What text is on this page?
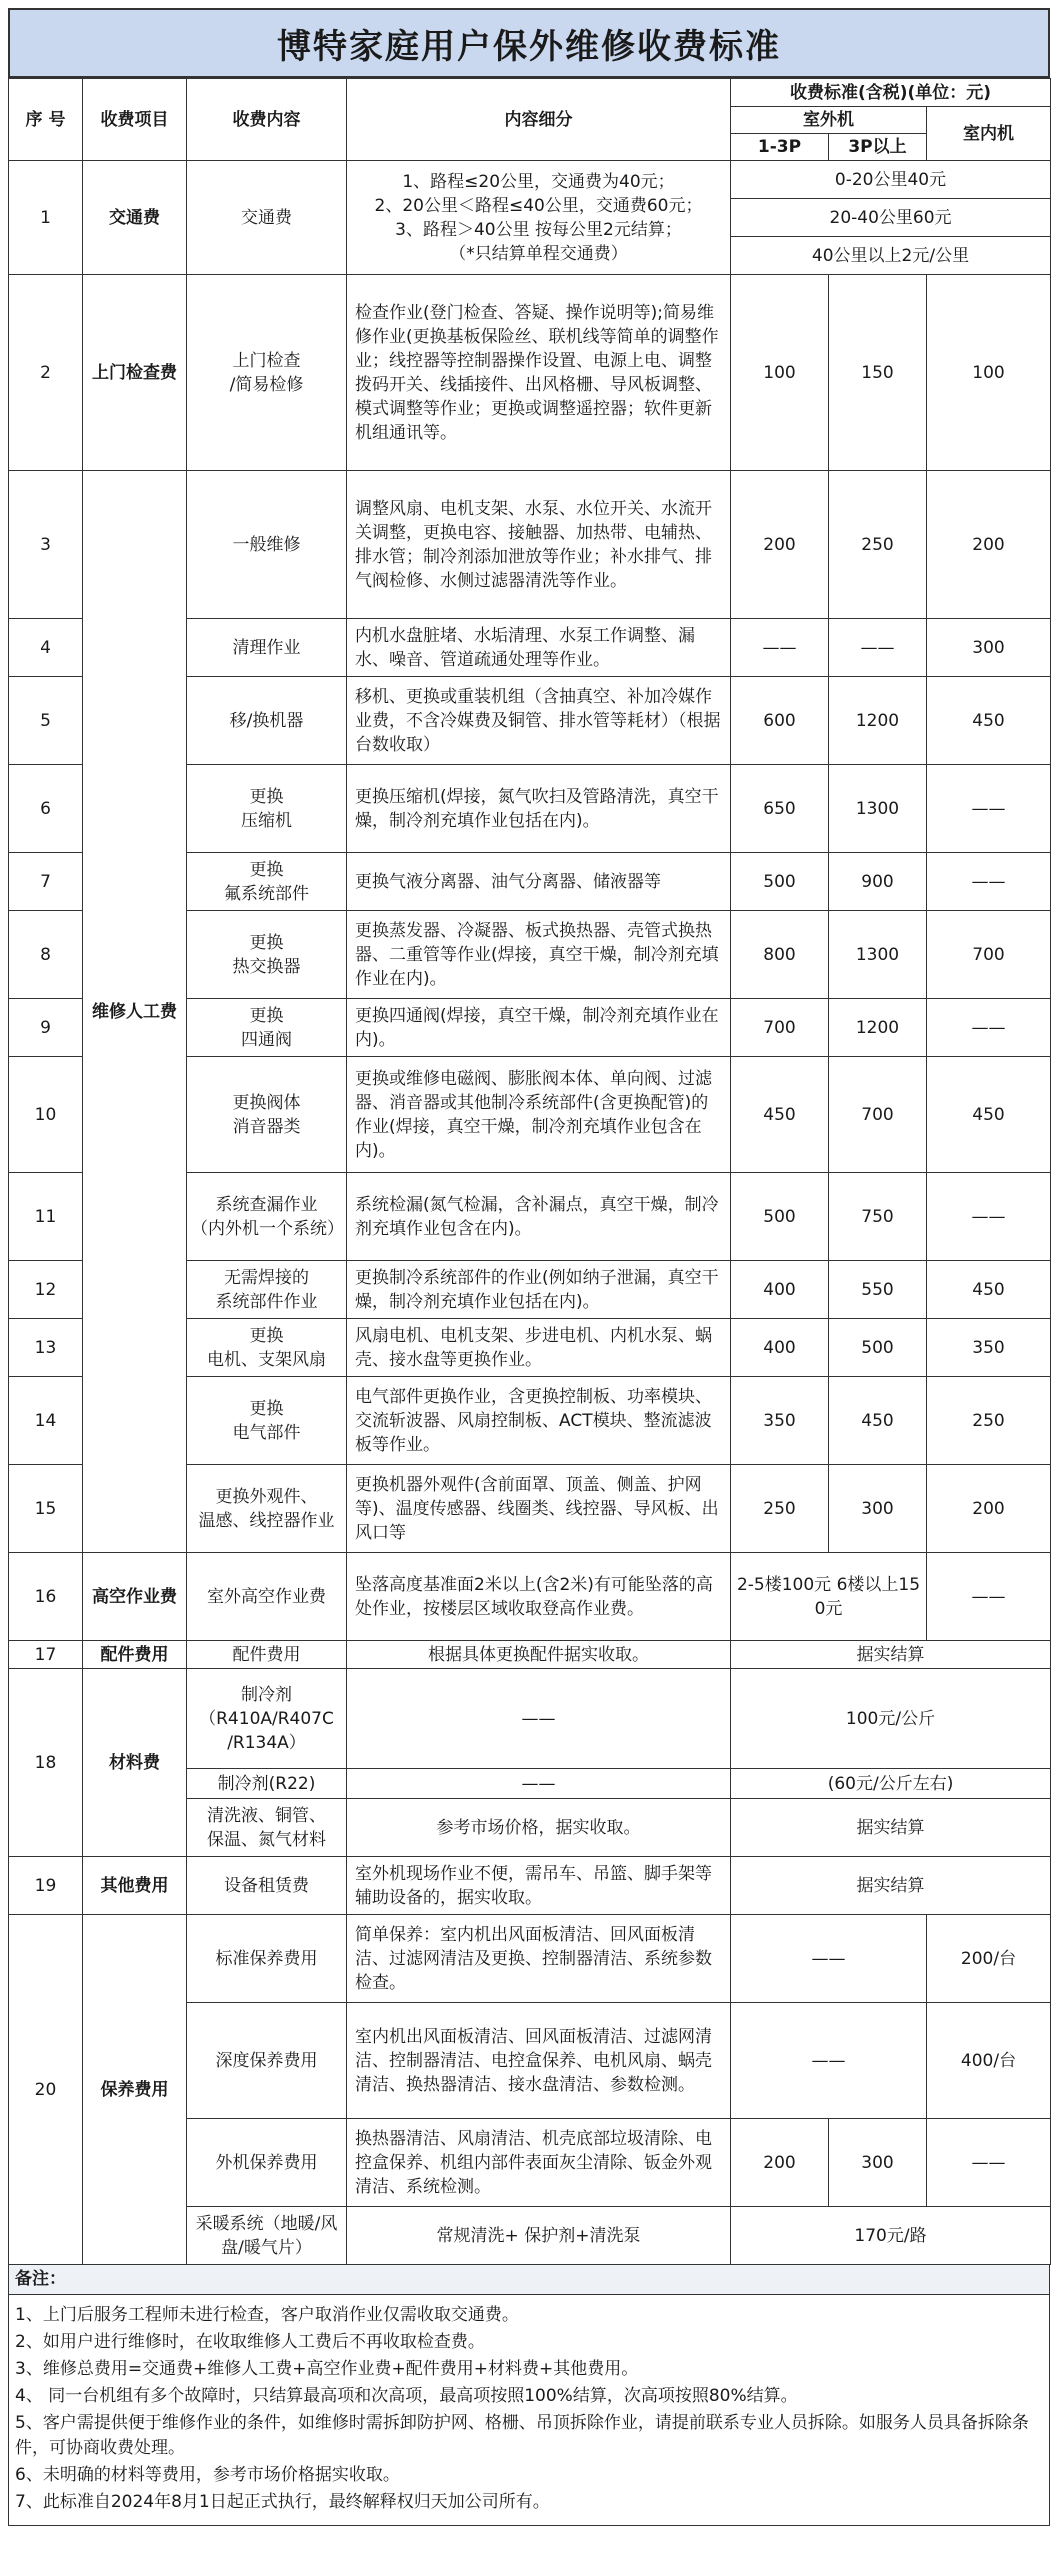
博特家庭用户保外维修收费标准
序 号	收费项目	收费内容	内容细分	收费标准(含税)(单位：元)		
				室外机		室内机
				1-3P	3P以上	
1	交通费	交通费	1、路程≤20公里，交通费为40元；
2、20公里＜路程≤40公里，交通费60元；
3、路程＞40公里 按每公里2元结算；
（*只结算单程交通费）	0-20公里40元		
				20-40公里60元		
				40公里以上2元/公里		
2	上门检查费	上门检查
/简易检修	检查作业(登门检查、答疑、操作说明等);简易维修作业(更换基板保险丝、联机线等简单的调整作业；线控器等控制器操作设置、电源上电、调整拨码开关、线插接件、出风格栅、导风板调整、模式调整等作业；更换或调整遥控器；软件更新机组通讯等。	100	150	100
3	维修人工费	一般维修	调整风扇、电机支架、水泵、水位开关、水流开关调整，更换电容、接触器、加热带、电辅热、排水管；制冷剂添加泄放等作业；补水排气、排气阀检修、水侧过滤器清洗等作业。	200	250	200
4		清理作业	内机水盘脏堵、水垢清理、水泵工作调整、漏水、噪音、管道疏通处理等作业。	——	——	300
5		移/换机器	移机、更换或重装机组（含抽真空、补加冷媒作业费，不含冷媒费及铜管、排水管等耗材）（根据台数收取）	600	1200	450
6		更换
压缩机	更换压缩机(焊接，氮气吹扫及管路清洗，真空干燥，制冷剂充填作业包括在内)。	650	1300	——
7		更换
氟系统部件	更换气液分离器、油气分离器、储液器等	500	900	——
8		更换
热交换器	更换蒸发器、冷凝器、板式换热器、壳管式换热器、二重管等作业(焊接，真空干燥，制冷剂充填作业在内)。	800	1300	700
9		更换
四通阀	更换四通阀(焊接，真空干燥，制冷剂充填作业在内)。	700	1200	——
10		更换阀体
消音器类	更换或维修电磁阀、膨胀阀本体、单向阀、过滤器、消音器或其他制冷系统部件(含更换配管)的作业(焊接，真空干燥，制冷剂充填作业包含在内)。	450	700	450
11		系统查漏作业
（内外机一个系统）	系统检漏(氮气检漏，含补漏点，真空干燥，制冷剂充填作业包含在内)。	500	750	——
12		无需焊接的
系统部件作业	更换制冷系统部件的作业(例如纳子泄漏，真空干燥，制冷剂充填作业包括在内)。	400	550	450
13		更换
电机、支架风扇	风扇电机、电机支架、步进电机、内机水泵、蜗壳、接水盘等更换作业。	400	500	350
14		更换
电气部件	电气部件更换作业，含更换控制板、功率模块、交流斩波器、风扇控制板、ACT模块、整流滤波板等作业。	350	450	250
15		更换外观件、
温感、线控器作业	更换机器外观件(含前面罩、顶盖、侧盖、护网等)、温度传感器、线圈类、线控器、导风板、出风口等	250	300	200
16	高空作业费	室外高空作业费	坠落高度基准面2米以上(含2米)有可能坠落的高处作业，按楼层区域收取登高作业费。	2-5楼100元 6楼以上150元		——
17	配件费用	配件费用	根据具体更换配件据实收取。	据实结算		
18	材料费	制冷剂
（R410A/R407C
/R134A）	——	100元/公斤		
		制冷剂(R22)	——	(60元/公斤左右)		
		清洗液、铜管、
保温、氮气材料	参考市场价格，据实收取。	据实结算		
19	其他费用	设备租赁费	室外机现场作业不便，需吊车、吊篮、脚手架等辅助设备的，据实收取。	据实结算		
20	保养费用	标准保养费用	简单保养：室内机出风面板清洁、回风面板清洁、过滤网清洁及更换、控制器清洁、系统参数检查。	——		200/台
		深度保养费用	室内机出风面板清洁、回风面板清洁、过滤网清洁、控制器清洁、电控盒保养、电机风扇、蜗壳清洁、换热器清洁、接水盘清洁、参数检测。	——		400/台
		外机保养费用	换热器清洁、风扇清洁、机壳底部垃圾清除、电控盒保养、机组内部件表面灰尘清除、钣金外观清洁、系统检测。	200	300	——
		采暖系统（地暖/风盘/暖气片）	常规清洗+ 保护剂+清洗泵	170元/路		
备注：
1、上门后服务工程师未进行检查，客户取消作业仅需收取交通费。
2、如用户进行维修时，在收取维修人工费后不再收取检查费。
3、维修总费用=交通费+维修人工费+高空作业费+配件费用+材料费+其他费用。
4、 同一台机组有多个故障时，只结算最高项和次高项，最高项按照100%结算，次高项按照80%结算。
5、客户需提供便于维修作业的条件，如维修时需拆卸防护网、格栅、吊顶拆除作业，请提前联系专业人员拆除。如服务人员具备拆除条件，可协商收费处理。
6、未明确的材料等费用，参考市场价格据实收取。
7、此标准自2024年8月1日起正式执行，最终解释权归天加公司所有。
